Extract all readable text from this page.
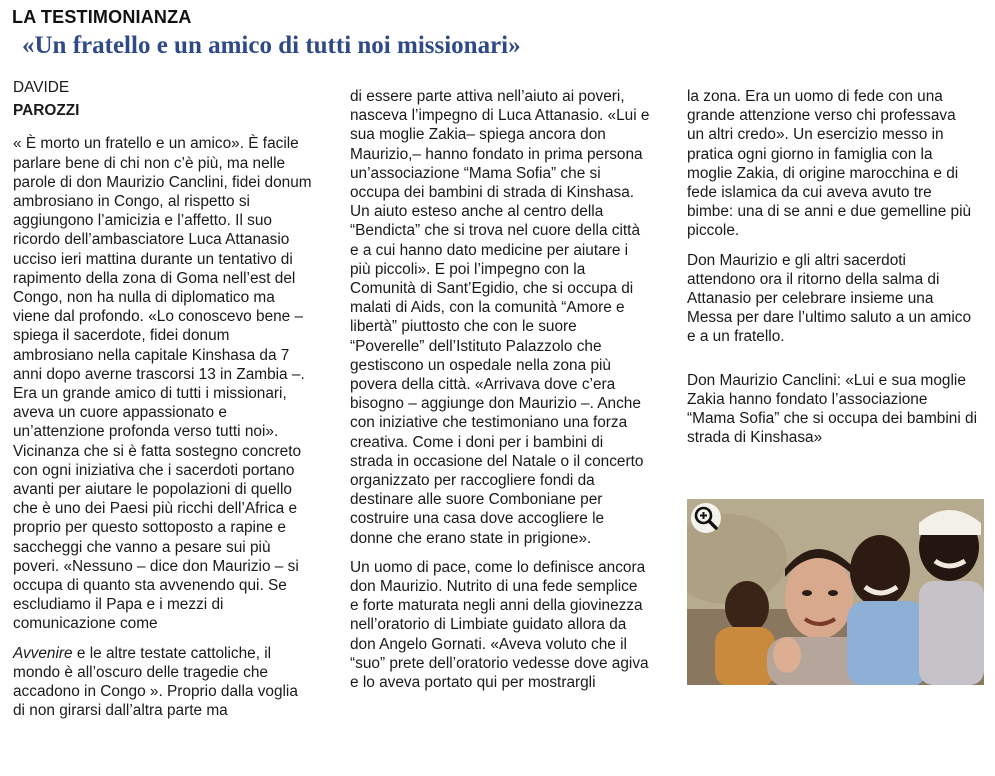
LA TESTIMONIANZA
«Un fratello e un amico di tutti noi missionari»

DAVIDE

PAROZZI

« È morto un fratello e un amico». È facile parlare bene di chi non c’è più, ma nelle parole di don Maurizio Canclini, fidei donum ambrosiano in Congo, al rispetto si aggiungono l’amicizia e l’affetto. Il suo ricordo dell’ambasciatore Luca Attanasio ucciso ieri mattina durante un tentativo di rapimento della zona di Goma nell’est del Congo, non ha nulla di diplomatico ma viene dal profondo. «Lo conoscevo bene – spiega il sacerdote, fidei donum ambrosiano nella capitale Kinshasa da 7 anni dopo averne trascorsi 13 in Zambia –. Era un grande amico di tutti i missionari, aveva un cuore appassionato e un’attenzione profonda verso tutti noi». Vicinanza che si è fatta sostegno concreto con ogni iniziativa che i sacerdoti portano avanti per aiutare le popolazioni di quello che è uno dei Paesi più ricchi dell’Africa e proprio per questo sottoposto a rapine e saccheggi che vanno a pesare sui più poveri. «Nessuno – dice don Maurizio – si occupa di quanto sta avvenendo qui. Se escludiamo il Papa e i mezzi di comunicazione come

Avvenire e le altre testate cattoliche, il mondo è all’oscuro delle tragedie che accadono in Congo ». Proprio dalla voglia di non girarsi dall’altra parte ma

di essere parte attiva nell’aiuto ai poveri, nasceva l’impegno di Luca Attanasio. «Lui e sua moglie Zakia– spiega ancora don Maurizio,– hanno fondato in prima persona un’associazione “Mama Sofia” che si occupa dei bambini di strada di Kinshasa. Un aiuto esteso anche al centro della “Bendicta” che si trova nel cuore della città e a cui hanno dato medicine per aiutare i più piccoli». E poi l’impegno con la Comunità di Sant’Egidio, che si occupa di malati di Aids, con la comunità “Amore e libertà” piuttosto che con le suore “Poverelle” dell’Istituto Palazzolo che gestiscono un ospedale nella zona più povera della città. «Arrivava dove c’era bisogno – aggiunge don Maurizio –. Anche con iniziative che testimoniano una forza creativa. Come i doni per i bambini di strada in occasione del Natale o il concerto organizzato per raccogliere fondi da destinare alle suore Comboniane per costruire una casa dove accogliere le donne che erano state in prigione».

Un uomo di pace, come lo definisce ancora don Maurizio. Nutrito di una fede semplice e forte maturata negli anni della giovinezza nell’oratorio di Limbiate guidato allora da don Angelo Gornati. «Aveva voluto che il “suo” prete dell’oratorio vedesse dove agiva e lo aveva portato qui per mostrargli

la zona. Era un uomo di fede con una grande attenzione verso chi professava un altri credo». Un esercizio messo in pratica ogni giorno in famiglia con la moglie Zakia, di origine marocchina e di fede islamica da cui aveva avuto tre bimbe: una di se anni e due gemelline più piccole.

Don Maurizio e gli altri sacerdoti attendono ora il ritorno della salma di Attanasio per celebrare insieme una Messa per dare l’ultimo saluto a un amico e a un fratello.

Don Maurizio Canclini: «Lui e sua moglie Zakia hanno fondato l’associazione “Mama Sofia” che si occupa dei bambini di strada di Kinshasa»
